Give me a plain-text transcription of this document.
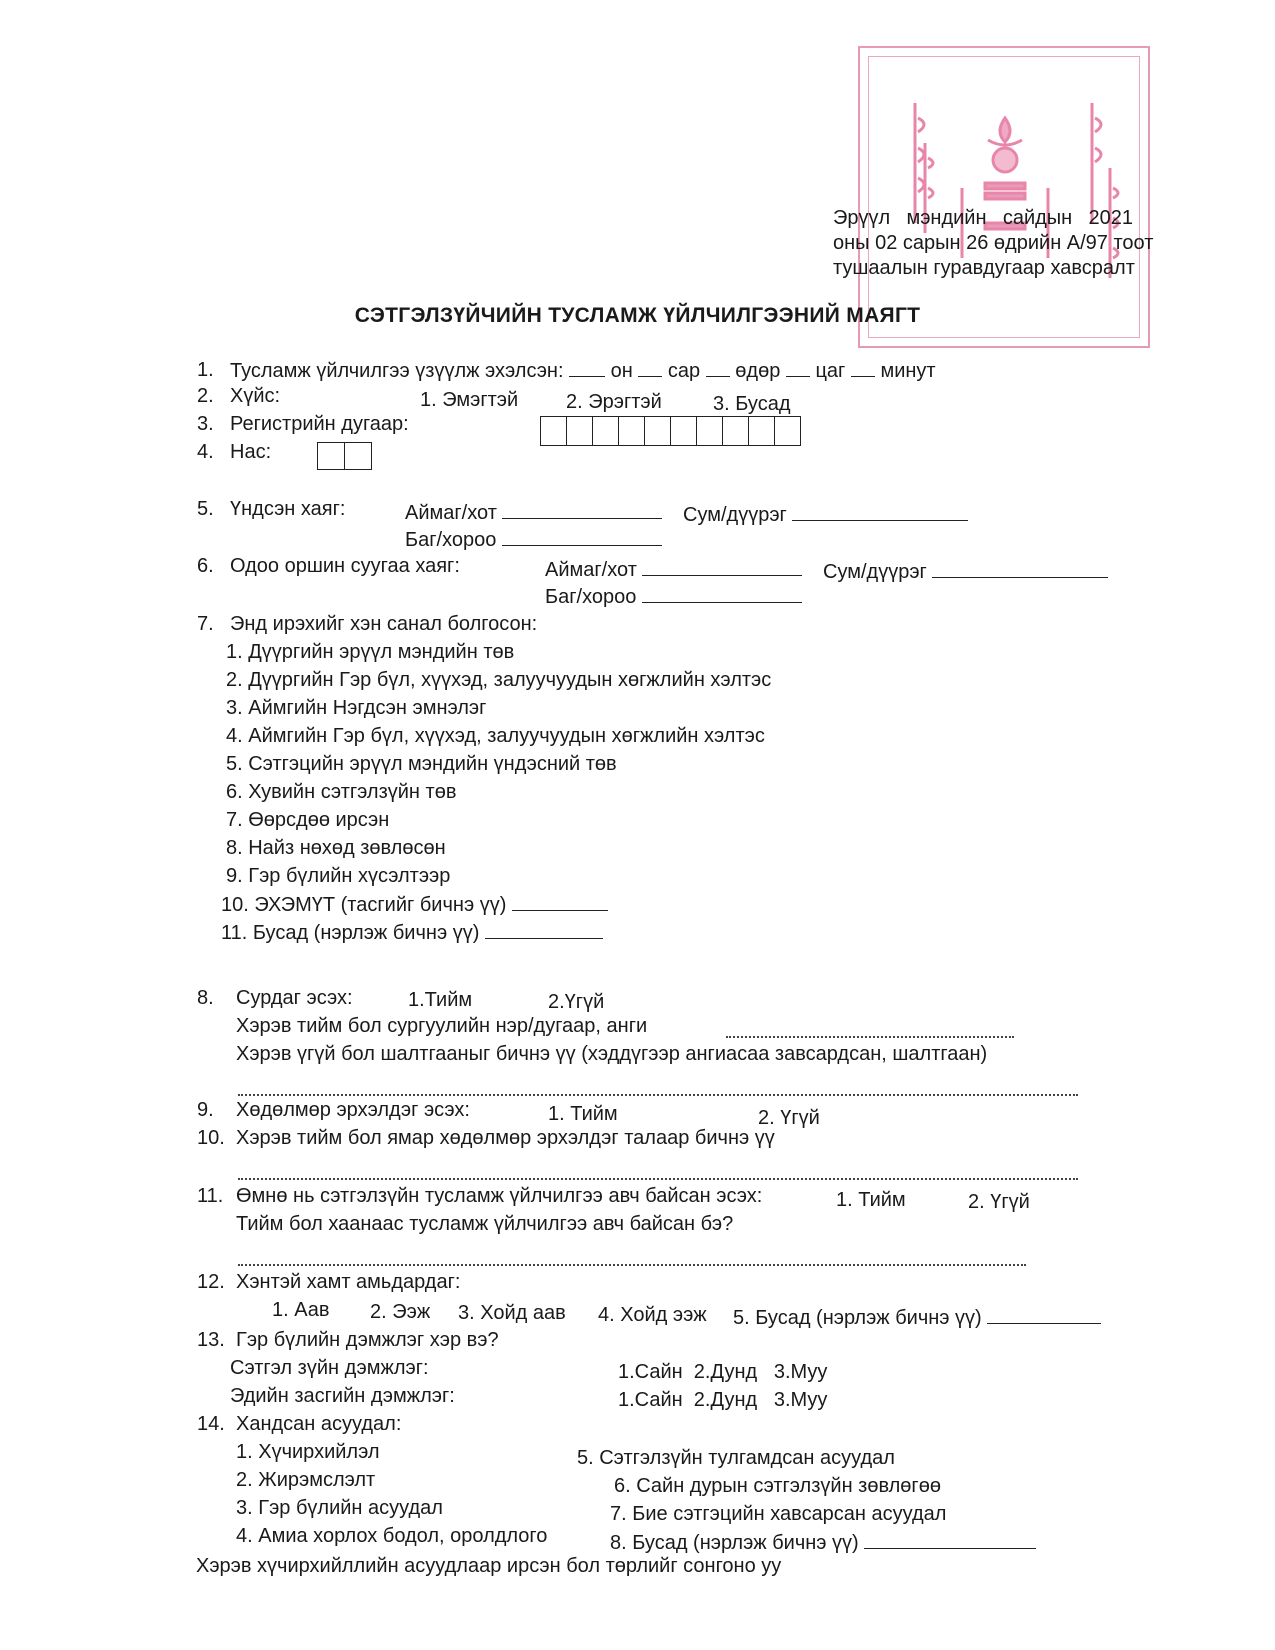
Эрүүл мэндийн сайдын 2021
оны 02 сарын 26 өдрийн А/97 тоот
тушаалын гуравдугаар хавсралт
СЭТГЭЛЗҮЙЧИЙН ТУСЛАМЖ ҮЙЛЧИЛГЭЭНИЙ МАЯГТ
1. Тусламж үйлчилгээ үзүүлж эхэлсэн: он сар өдөр цаг минут
2. Хүйс:	1. Эмэгтэй 2. Эрэгтэй	3. Бусад
3. Регистрийн дугаар:
4. Нас:
5. Үндсэн хаяг:	Аймаг/хот	Сум/дүүрэг
Баг/хороо
6. Одоо оршин суугаа хаяг:	Аймаг/хот	Сум/дүүрэг
Баг/хороо
7. Энд ирэхийг хэн санал болгосон:
1. Дүүргийн эрүүл мэндийн төв
2. Дүүргийн Гэр бүл, хүүхэд, залуучуудын хөгжлийн хэлтэс
3. Аймгийн Нэгдсэн эмнэлэг
4. Аймгийн Гэр бүл, хүүхэд, залуучуудын хөгжлийн хэлтэс
5. Сэтгэцийн эрүүл мэндийн үндэсний төв
6. Хувийн сэтгэлзүйн төв
7. Өөрсдөө ирсэн
8. Найз нөхөд зөвлөсөн
9. Гэр бүлийн хүсэлтээр
10. ЭХЭМҮТ (тасгийг бичнэ үү)
11. Бусад (нэрлэж бичнэ үү)
8. Сурдаг эсэх:	1.Тийм	2.Үгүй
Хэрэв тийм бол сургуулийн нэр/дугаар, анги
Хэрэв үгүй бол шалтгааныг бичнэ үү (хэддүгээр ангиасаа завсардсан, шалтгаан)
9. Хөдөлмөр эрхэлдэг эсэх:	1. Тийм	2. Үгүй
10. Хэрэв тийм бол ямар хөдөлмөр эрхэлдэг талаар бичнэ үү
11. Өмнө нь сэтгэлзүйн тусламж үйлчилгээ авч байсан эсэх:	1. Тийм	2. Үгүй
Тийм бол хаанаас тусламж үйлчилгээ авч байсан бэ?
12. Хэнтэй хамт амьдардаг:
1. Аав 2. Ээж 3. Хойд аав 4. Хойд ээж 5. Бусад (нэрлэж бичнэ үү)
13. Гэр бүлийн дэмжлэг хэр вэ?
Сэтгэл зүйн дэмжлэг:	1.Сайн  2.Дунд   3.Муу
Эдийн засгийн дэмжлэг:	1.Сайн  2.Дунд   3.Муу
14. Хандсан асуудал:
1. Хүчирхийлэл
2. Жирэмслэлт
3. Гэр бүлийн асуудал
4. Амиа хорлох бодол, оролдлого
5. Сэтгэлзүйн тулгамдсан асуудал
6. Сайн дурын сэтгэлзүйн зөвлөгөө
7. Бие сэтгэцийн хавсарсан асуудал
8. Бусад (нэрлэж бичнэ үү)
Хэрэв хүчирхийллийн асуудлаар ирсэн бол төрлийг сонгоно уу
